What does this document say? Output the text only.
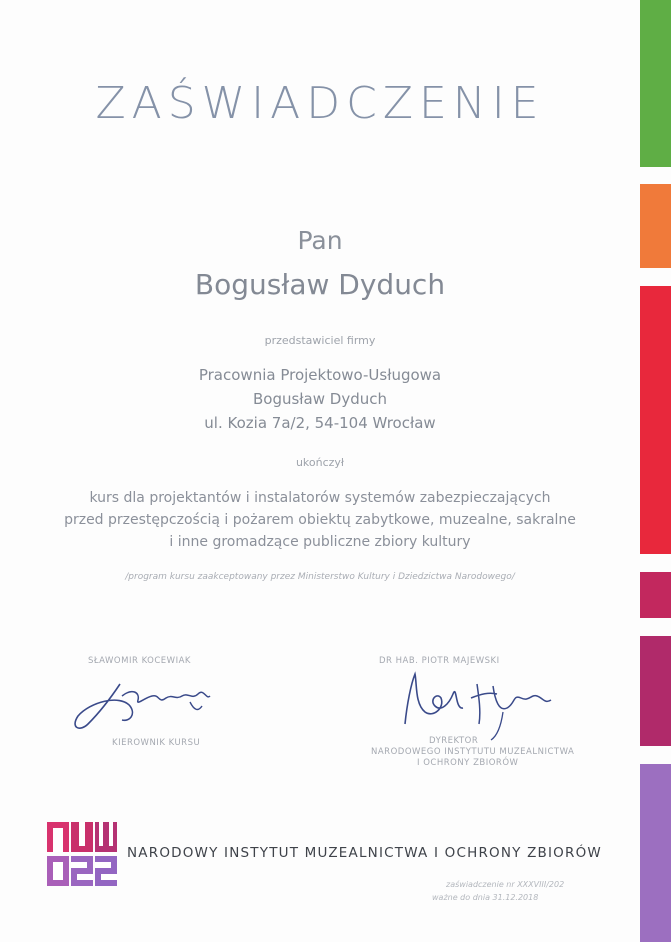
ZAŚWIADCZENIE
Pan
Bogusław Dyduch
przedstawiciel firmy
Pracownia Projektowo-Usługowa
Bogusław Dyduch
ul. Kozia 7a/2, 54-104 Wrocław
ukończył
kurs dla projektantów i instalatorów systemów zabezpieczających
przed przestępczością i pożarem obiektų zabytkowe, muzealne, sakralne
i inne gromadzące publiczne zbiory kultury
/program kursu zaakceptowany przez Ministerstwo Kultury i Dziedzictwa Narodowego/
SŁAWOMIR KOCEWIAK
KIEROWNIK KURSU
DR HAB. PIOTR MAJEWSKI
DYREKTOR
NARODOWEGO INSTYTUTU MUZEALNICTWA
I OCHRONY ZBIORÓW
NARODOWY INSTYTUT MUZEALNICTWA I OCHRONY ZBIORÓW
zaświadczenie nr XXXVIII/202
ważne do dnia 31.12.2018
